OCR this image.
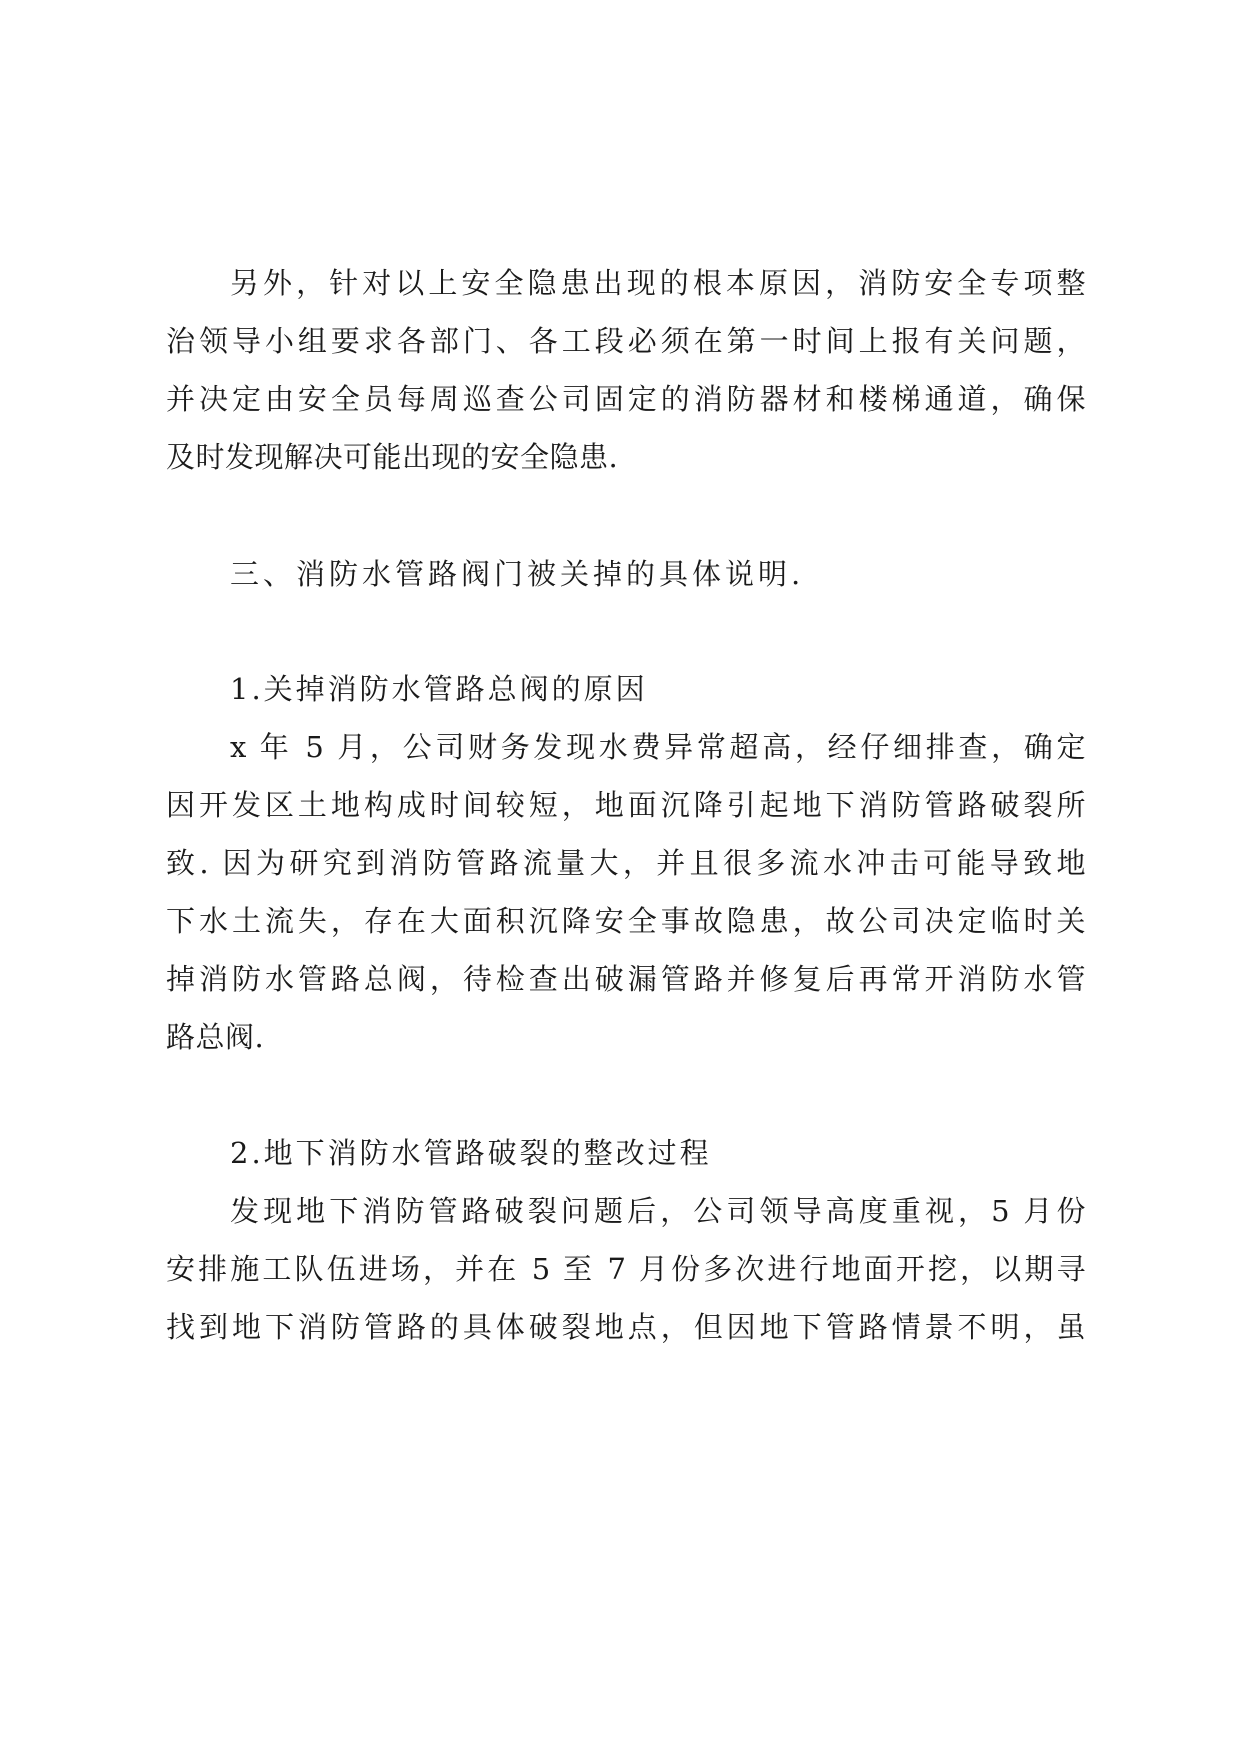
另外，针对以上安全隐患出现的根本原因，消防安全专项整

治领导小组要求各部门、各工段必须在第一时间上报有关问题，

并决定由安全员每周巡查公司固定的消防器材和楼梯通道，确保

及时发现解决可能出现的安全隐患.

三、消防水管路阀门被关掉的具体说明.

1.关掉消防水管路总阀的原因

x 年 5 月，公司财务发现水费异常超高，经仔细排查，确定

因开发区土地构成时间较短，地面沉降引起地下消防管路破裂所

致. 因为研究到消防管路流量大，并且很多流水冲击可能导致地

下水土流失，存在大面积沉降安全事故隐患，故公司决定临时关

掉消防水管路总阀，待检查出破漏管路并修复后再常开消防水管

路总阀.

2.地下消防水管路破裂的整改过程

发现地下消防管路破裂问题后，公司领导高度重视，5 月份

安排施工队伍进场，并在 5 至 7 月份多次进行地面开挖，以期寻

找到地下消防管路的具体破裂地点，但因地下管路情景不明，虽
